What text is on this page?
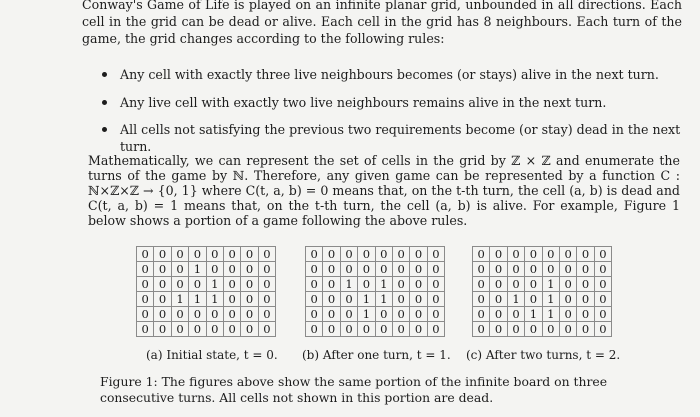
Conway's Game of Life is played on an infinite planar grid, unbounded in all directions. Each cell in the grid can be dead or alive. Each cell in the grid has 8 neighbours. Each turn of the game, the grid changes according to the following rules:
Any cell with exactly three live neighbours becomes (or stays) alive in the next turn.
Any live cell with exactly two live neighbours remains alive in the next turn.
All cells not satisfying the previous two requirements become (or stay) dead in the next turn.
Mathematically, we can represent the set of cells in the grid by ℤ × ℤ and enumerate the turns of the game by ℕ. Therefore, any given game can be represented by a function C : ℕ×ℤ×ℤ → {0, 1} where C(t, a, b) = 0 means that, on the t-th turn, the cell (a, b) is dead and C(t, a, b) = 1 means that, on the t-th turn, the cell (a, b) is alive. For example, Figure 1 below shows a portion of a game following the above rules.
0	0	0	0	0	0	0	0
0	0	0	1	0	0	0	0
0	0	0	0	1	0	0	0
0	0	1	1	1	0	0	0
0	0	0	0	0	0	0	0
0	0	0	0	0	0	0	0
0	0	0	0	0	0	0	0
0	0	0	0	0	0	0	0
0	0	1	0	1	0	0	0
0	0	0	1	1	0	0	0
0	0	0	1	0	0	0	0
0	0	0	0	0	0	0	0
0	0	0	0	0	0	0	0
0	0	0	0	0	0	0	0
0	0	0	0	1	0	0	0
0	0	1	0	1	0	0	0
0	0	0	1	1	0	0	0
0	0	0	0	0	0	0	0
(a) Initial state, t = 0. (b) After one turn, t = 1. (c) After two turns, t = 2.
Figure 1: The figures above show the same portion of the infinite board on three consecutive turns. All cells not shown in this portion are dead.
